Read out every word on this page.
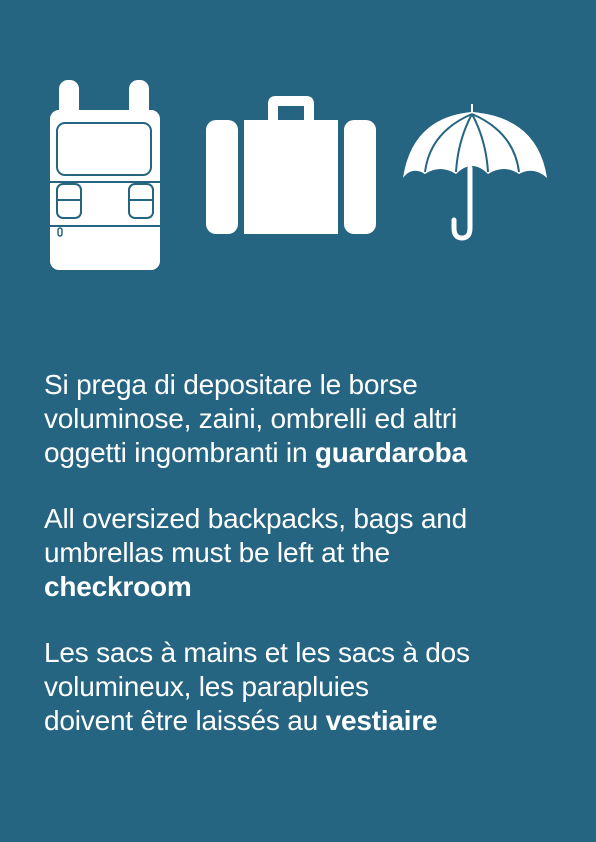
Si prega di depositare le borse
voluminose, zaini, ombrelli ed altri
oggetti ingombranti in guardaroba
All oversized backpacks, bags and
umbrellas must be left at the
checkroom
Les sacs à mains et les sacs à dos
volumineux, les parapluies
doivent être laissés au vestiaire
